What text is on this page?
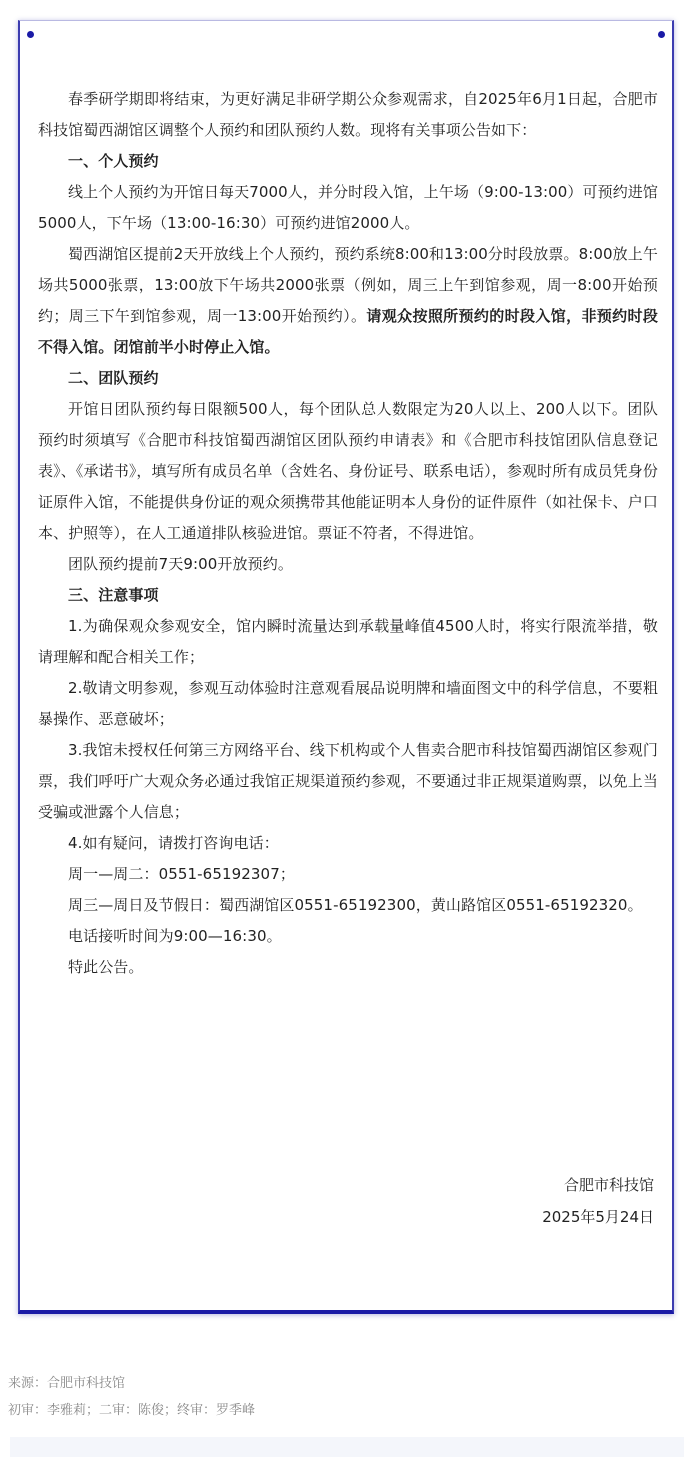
春季研学期即将结束，为更好满足非研学期公众参观需求，自2025年6月1日起，合肥市科技馆蜀西湖馆区调整个人预约和团队预约人数。现将有关事项公告如下：

一、个人预约

线上个人预约为开馆日每天7000人，并分时段入馆，上午场（9:00-13:00）可预约进馆5000人，下午场（13:00-16:30）可预约进馆2000人。

蜀西湖馆区提前2天开放线上个人预约，预约系统8:00和13:00分时段放票。8:00放上午场共5000张票，13:00放下午场共2000张票（例如，周三上午到馆参观，周一8:00开始预约；周三下午到馆参观，周一13:00开始预约）。请观众按照所预约的时段入馆，非预约时段不得入馆。闭馆前半小时停止入馆。

二、团队预约

开馆日团队预约每日限额500人，每个团队总人数限定为20人以上、200人以下。团队预约时须填写《合肥市科技馆蜀西湖馆区团队预约申请表》和《合肥市科技馆团队信息登记表》、《承诺书》，填写所有成员名单（含姓名、身份证号、联系电话），参观时所有成员凭身份证原件入馆，不能提供身份证的观众须携带其他能证明本人身份的证件原件（如社保卡、户口本、护照等），在人工通道排队核验进馆。票证不符者，不得进馆。

团队预约提前7天9:00开放预约。

三、注意事项

1.为确保观众参观安全，馆内瞬时流量达到承载量峰值4500人时，将实行限流举措，敬请理解和配合相关工作；

2.敬请文明参观，参观互动体验时注意观看展品说明牌和墙面图文中的科学信息，不要粗暴操作、恶意破坏；

3.我馆未授权任何第三方网络平台、线下机构或个人售卖合肥市科技馆蜀西湖馆区参观门票，我们呼吁广大观众务必通过我馆正规渠道预约参观，不要通过非正规渠道购票，以免上当受骗或泄露个人信息；

4.如有疑问，请拨打咨询电话：

周一—周二：0551-65192307；

周三—周日及节假日：蜀西湖馆区0551-65192300，黄山路馆区0551-65192320。

电话接听时间为9:00—16:30。

特此公告。

合肥市科技馆
2025年5月24日
来源：合肥市科技馆
初审：李雅莉；二审：陈俊；终审：罗季峰
